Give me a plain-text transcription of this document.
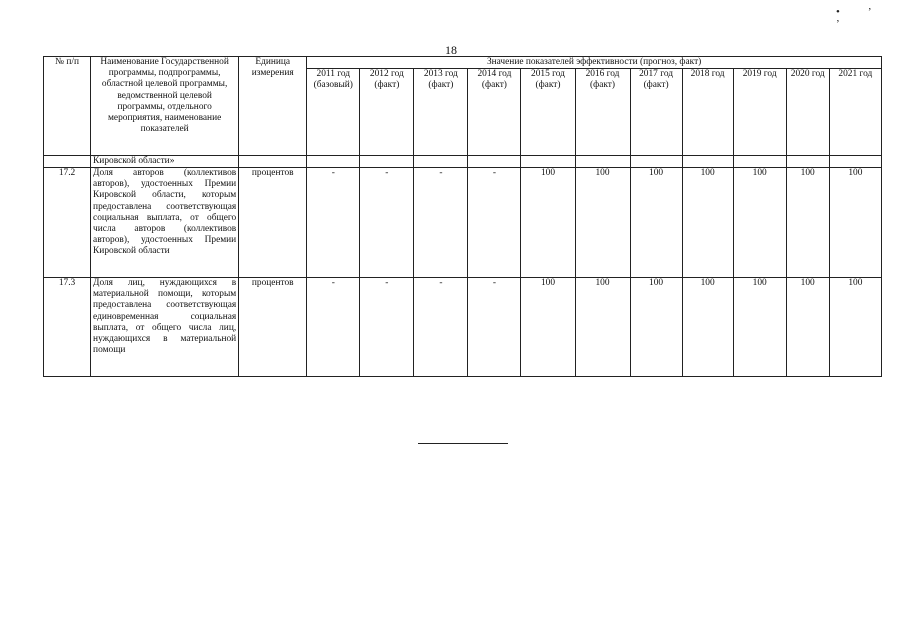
•’ ’
18
№ п/п	Наименование Государственной программы, подпрограммы, областной целевой программы, ведомственной целевой программы, отдельного мероприятия, наименование показателей	Единица измерения	Значение показателей эффективности (прогноз, факт)										
			2011 год (базовый)	2012 год (факт)	2013 год (факт)	2014 год (факт)	2015 год (факт)	2016 год (факт)	2017 год (факт)	2018 год	2019 год	2020 год	2021 год
	Кировской области»												
17.2	Доля авторов (коллективов авторов), удостоенных Премии Кировской области, которым предоставлена соответствующая социальная выплата, от общего числа авторов (коллективов авторов), удостоенных Премии Кировской области	процентов	-	-	-	-	100	100	100	100	100	100	100
17.3	Доля лиц, нуждающихся в материальной помощи, которым предоставлена соответствующая единовременная социальная выплата, от общего числа лиц, нуждающихся в материальной помощи	процентов	-	-	-	-	100	100	100	100	100	100	100
